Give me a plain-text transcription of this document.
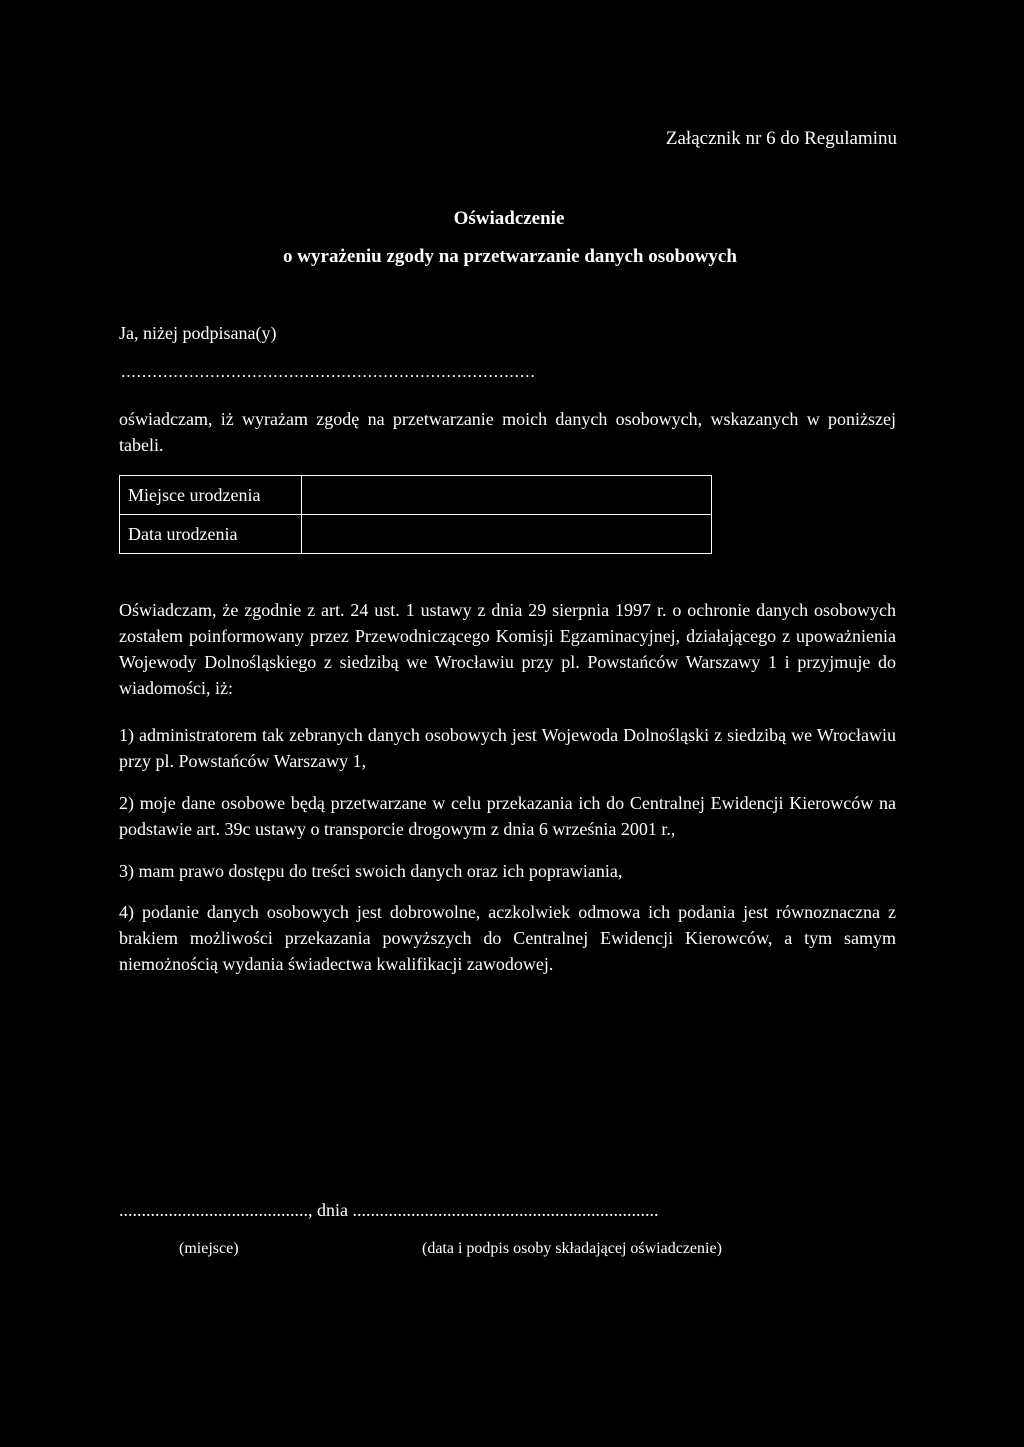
Załącznik nr 6 do Regulaminu
Oświadczenie
o wyrażeniu zgody na przetwarzanie danych osobowych
Ja, niżej podpisana(y)
...............................................................................
oświadczam, iż wyrażam zgodę na przetwarzanie moich danych osobowych, wskazanych w poniższej tabeli.
Miejsce urodzenia	
Data urodzenia	
Oświadczam, że zgodnie z art. 24 ust. 1 ustawy z dnia 29 sierpnia 1997 r. o ochronie danych osobowych zostałem poinformowany przez Przewodniczącego Komisji Egzaminacyjnej, działającego z upoważnienia Wojewody Dolnośląskiego z siedzibą we Wrocławiu przy pl. Powstańców Warszawy 1 i przyjmuje do wiadomości, iż:
1) administratorem tak zebranych danych osobowych jest Wojewoda Dolnośląski z siedzibą we Wrocławiu przy pl. Powstańców Warszawy 1,
2) moje dane osobowe będą przetwarzane w celu przekazania ich do Centralnej Ewidencji Kierowców na podstawie art. 39c ustawy o transporcie drogowym z dnia 6 września 2001 r.,
3) mam prawo dostępu do treści swoich danych oraz ich poprawiania,
4) podanie danych osobowych jest dobrowolne, aczkolwiek odmowa ich podania jest równoznaczna z brakiem możliwości przekazania powyższych do Centralnej Ewidencji Kierowców, a tym samym niemożnością wydania świadectwa kwalifikacji zawodowej.
.........................................., dnia ....................................................................
(miejsce)	(data i podpis osoby składającej oświadczenie)
